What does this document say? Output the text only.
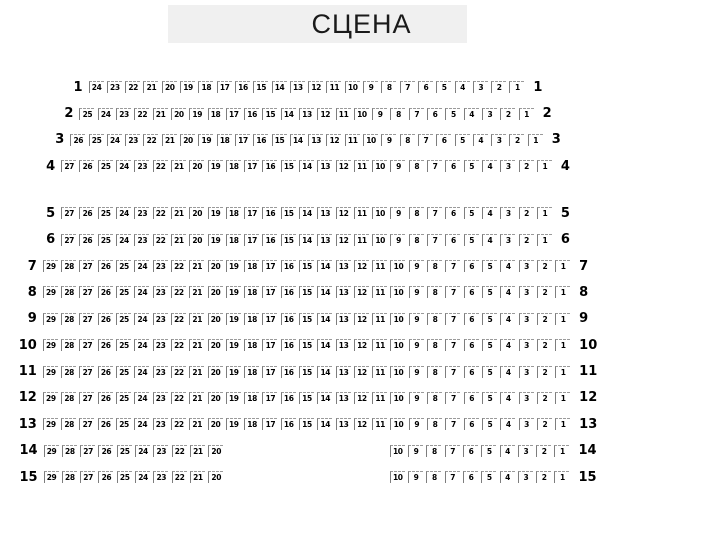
СЦЕНА
1	24	23	22	21	20	19	18	17	16	15	14	13	12	11	10	9	8	7	6	5	4	3	2	1	1
2	25	24	23	22	21	20	19	18	17	16	15	14	13	12	11	10	9	8	7	6	5	4	3	2	1	2
3	26	25	24	23	22	21	20	19	18	17	16	15	14	13	12	11	10	9	8	7	6	5	4	3	2	1	3
4	27	26	25	24	23	22	21	20	19	18	17	16	15	14	13	12	11	10	9	8	7	6	5	4	3	2	1	4
5	27	26	25	24	23	22	21	20	19	18	17	16	15	14	13	12	11	10	9	8	7	6	5	4	3	2	1	5
6	27	26	25	24	23	22	21	20	19	18	17	16	15	14	13	12	11	10	9	8	7	6	5	4	3	2	1	6
7	29	28	27	26	25	24	23	22	21	20	19	18	17	16	15	14	13	12	11	10	9	8	7	6	5	4	3	2	1	7
8	29	28	27	26	25	24	23	22	21	20	19	18	17	16	15	14	13	12	11	10	9	8	7	6	5	4	3	2	1	8
9	29	28	27	26	25	24	23	22	21	20	19	18	17	16	15	14	13	12	11	10	9	8	7	6	5	4	3	2	1	9
10	29	28	27	26	25	24	23	22	21	20	19	18	17	16	15	14	13	12	11	10	9	8	7	6	5	4	3	2	1	10
11	29	28	27	26	25	24	23	22	21	20	19	18	17	16	15	14	13	12	11	10	9	8	7	6	5	4	3	2	1	11
12	29	28	27	26	25	24	23	22	21	20	19	18	17	16	15	14	13	12	11	10	9	8	7	6	5	4	3	2	1	12
13	29	28	27	26	25	24	23	22	21	20	19	18	17	16	15	14	13	12	11	10	9	8	7	6	5	4	3	2	1	13
14	29	28	27	26	25	24	23	22	21	20	10	9	8	7	6	5	4	3	2	1	14
15	29	28	27	26	25	24	23	22	21	20	10	9	8	7	6	5	4	3	2	1	15
